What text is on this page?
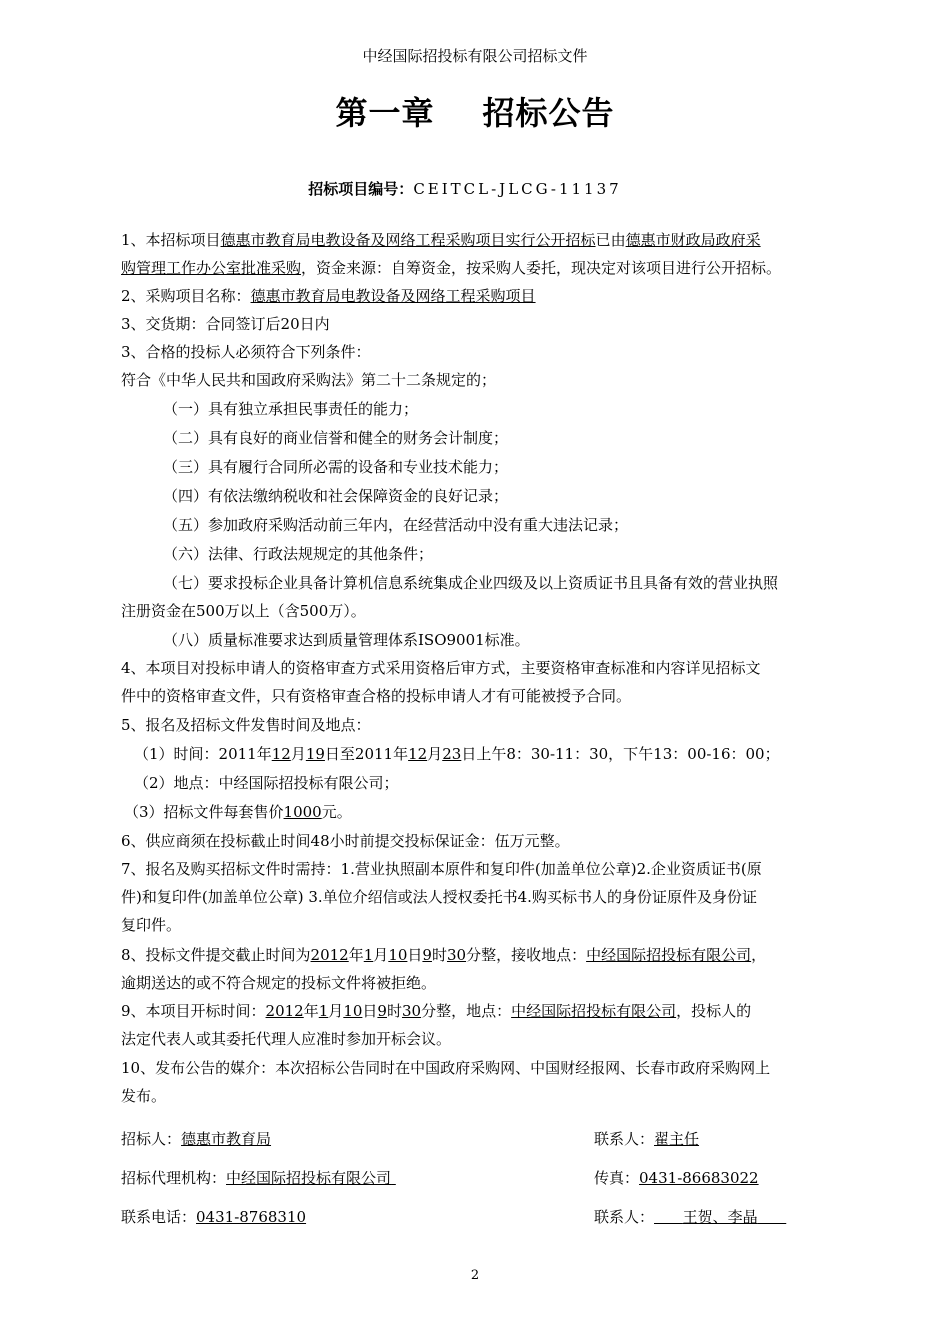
中经国际招投标有限公司招标文件
第一章 招标公告
招标项目编号：CEITCL-JLCG-11137
1、本招标项目德惠市教育局电教设备及网络工程采购项目实行公开招标已由德惠市财政局政府采
购管理工作办公室批准采购，资金来源：自筹资金，按采购人委托，现决定对该项目进行公开招标。
2、采购项目名称：德惠市教育局电教设备及网络工程采购项目
3、交货期：合同签订后20日内
3、合格的投标人必须符合下列条件：
符合《中华人民共和国政府采购法》第二十二条规定的；
（一）具有独立承担民事责任的能力；
（二）具有良好的商业信誉和健全的财务会计制度；
（三）具有履行合同所必需的设备和专业技术能力；
（四）有依法缴纳税收和社会保障资金的良好记录；
（五）参加政府采购活动前三年内，在经营活动中没有重大违法记录；
（六）法律、行政法规规定的其他条件；
（七）要求投标企业具备计算机信息系统集成企业四级及以上资质证书且具备有效的营业执照
注册资金在500万以上（含500万）。
（八）质量标准要求达到质量管理体系ISO9001标准。
4、本项目对投标申请人的资格审查方式采用资格后审方式，主要资格审查标准和内容详见招标文
件中的资格审查文件，只有资格审查合格的投标申请人才有可能被授予合同。
5、报名及招标文件发售时间及地点：
（1）时间：2011年12月19日至2011年12月23日上午8：30-11：30，下午13：00-16：00；
（2）地点：中经国际招投标有限公司；
（3）招标文件每套售价1000元。
6、供应商须在投标截止时间48小时前提交投标保证金：伍万元整。
7、报名及购买招标文件时需持：1.营业执照副本原件和复印件(加盖单位公章)2.企业资质证书(原
件)和复印件(加盖单位公章) 3.单位介绍信或法人授权委托书4.购买标书人的身份证原件及身份证
复印件。
8、投标文件提交截止时间为2012年1月10日9时30分整，接收地点：中经国际招投标有限公司，
逾期送达的或不符合规定的投标文件将被拒绝。
9、本项目开标时间：2012年1月10日9时30分整，地点：中经国际招投标有限公司，投标人的
法定代表人或其委托代理人应准时参加开标会议。
10、发布公告的媒介：本次招标公告同时在中国政府采购网、中国财经报网、长春市政府采购网上
发布。
招标人：德惠市教育局	联系人：翟主任
招标代理机构：中经国际招投标有限公司	传真：0431-86683022
联系电话：0431-8768310	联系人： 王贺、李晶
2
